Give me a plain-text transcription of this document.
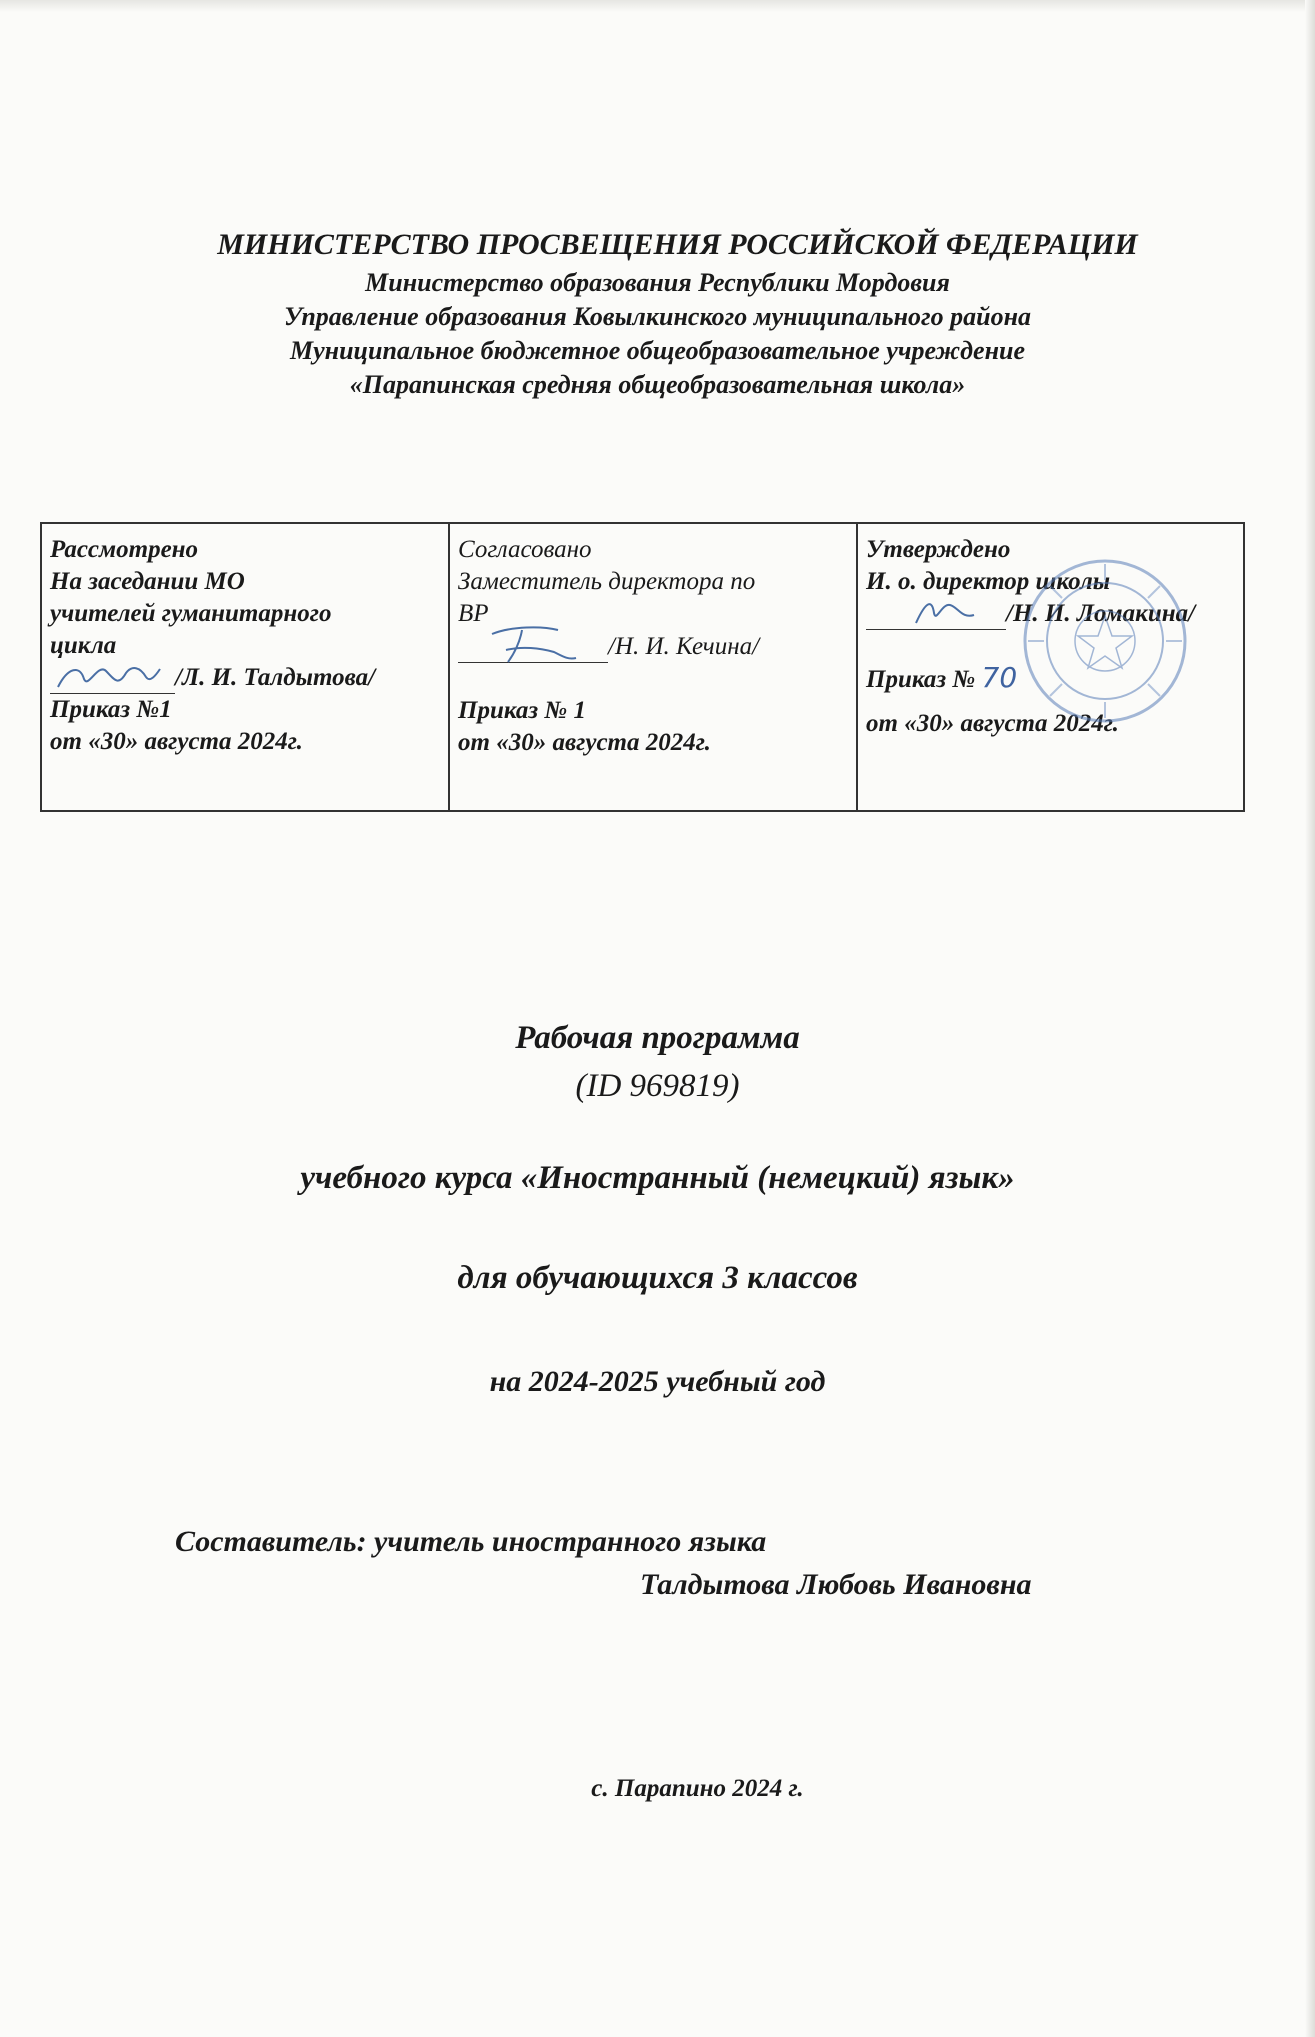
МИНИСТЕРСТВО ПРОСВЕЩЕНИЯ РОССИЙСКОЙ ФЕДЕРАЦИИ
Министерство образования Республики Мордовия
Управление образования Ковылкинского муниципального района
Муниципальное бюджетное общеобразовательное учреждение
«Парапинская средняя общеобразовательная школа»
Рассмотрено
На заседании МО
учителей гуманитарного
цикла
/Л. И. Талдытова/
Приказ №1
от «30» августа 2024г.

Согласовано
Заместитель директора по
ВР
/Н. И. Кечина/
Приказ № 1
от «30» августа 2024г.

Утверждено
И. о. директор школы
/Н. И. Ломакина/
Приказ № 70
от «30» августа 2024г.
Рабочая программа
(ID 969819)
учебного курса «Иностранный (немецкий) язык»
для обучающихся 3 классов
на 2024-2025 учебный год
Составитель: учитель иностранного языка
Талдытова Любовь Ивановна
с. Парапино 2024 г.
